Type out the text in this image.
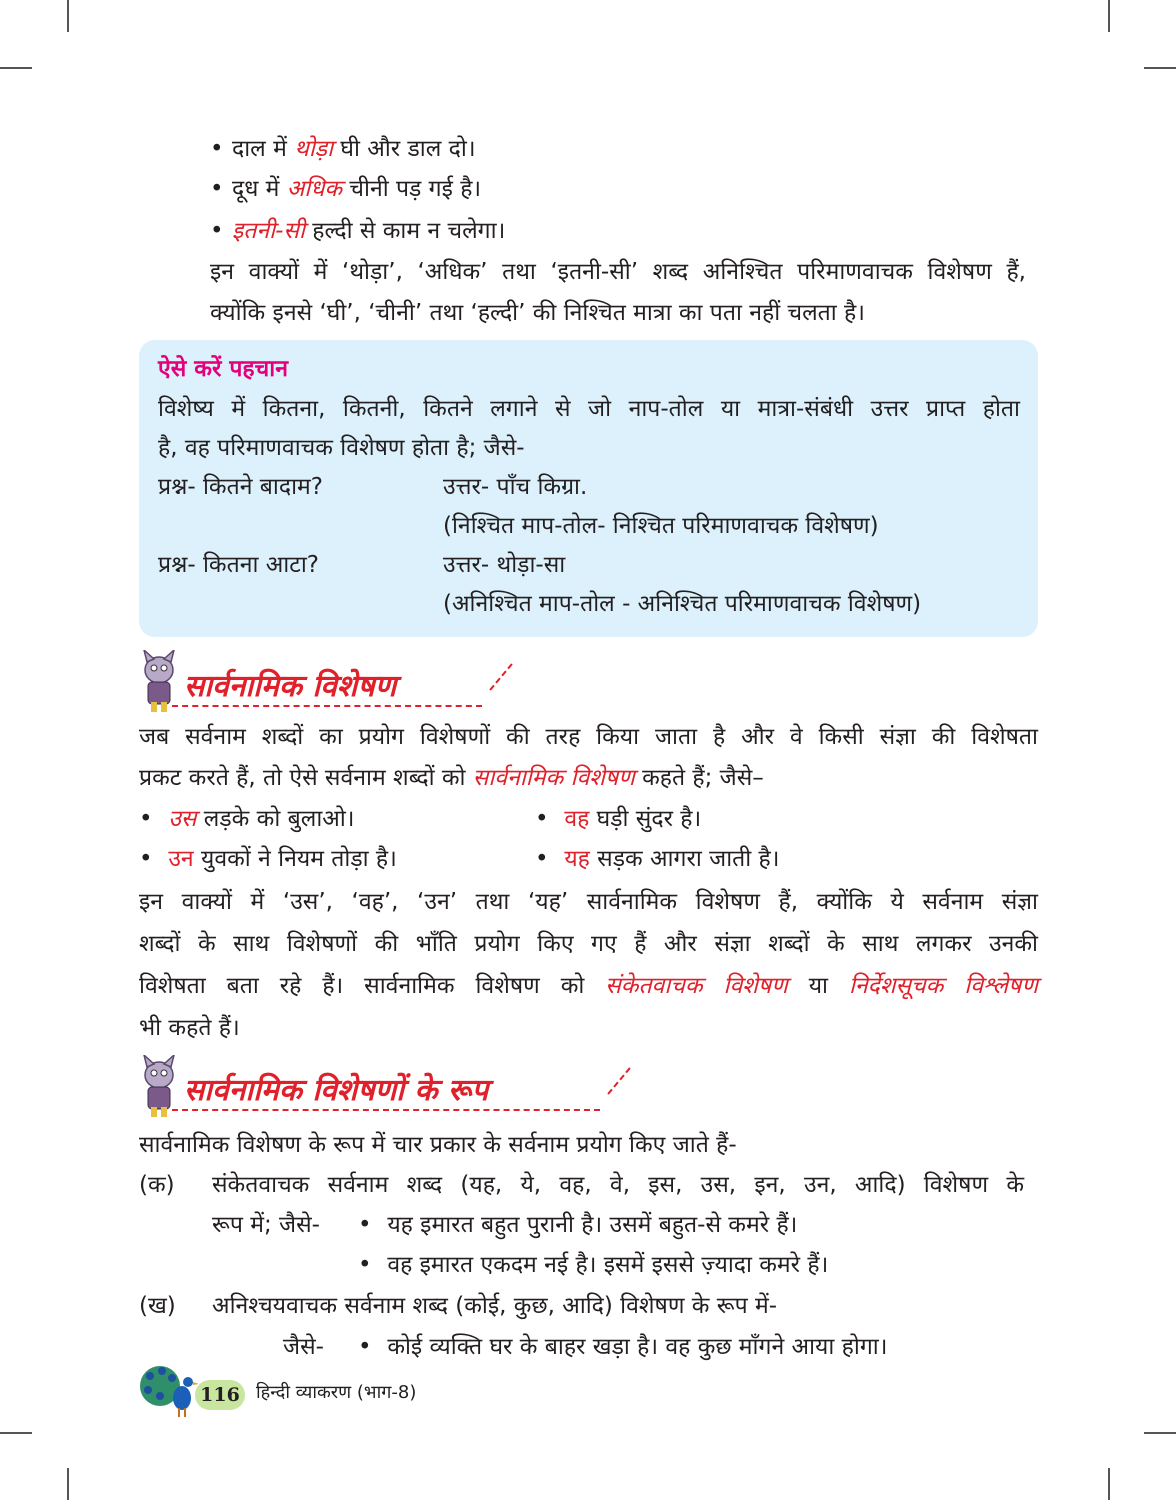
• दाल में थोड़ा घी और डाल दो।
• दूध में अधिक चीनी पड़ गई है।
• इतनी-सी हल्दी से काम न चलेगा।
इन वाक्यों में ‘थोड़ा’, ‘अधिक’ तथा ‘इतनी-सी’ शब्द अनिश्चित परिमाणवाचक विशेषण हैं,
क्योंकि इनसे ‘घी’, ‘चीनी’ तथा ‘हल्दी’ की निश्चित मात्रा का पता नहीं चलता है।
ऐसे करें पहचान
विशेष्य में कितना, कितनी, कितने लगाने से जो नाप-तोल या मात्रा-संबंधी उत्तर प्राप्त होता
है, वह परिमाणवाचक विशेषण होता है; जैसे-
प्रश्न- कितने बादाम?	उत्तर- पाँच किग्रा.
(निश्चित माप-तोल- निश्चित परिमाणवाचक विशेषण)
प्रश्न- कितना आटा?	उत्तर- थोड़ा-सा
(अनिश्चित माप-तोल - अनिश्चित परिमाणवाचक विशेषण)
सार्वनामिक विशेषण
जब सर्वनाम शब्दों का प्रयोग विशेषणों की तरह किया जाता है और वे किसी संज्ञा की विशेषता
प्रकट करते हैं, तो ऐसे सर्वनाम शब्दों को सार्वनामिक विशेषण कहते हैं; जैसे–
• उस लड़के को बुलाओ।	• वह घड़ी सुंदर है।
• उन युवकों ने नियम तोड़ा है।	• यह सड़क आगरा जाती है।
इन वाक्यों में ‘उस’, ‘वह’, ‘उन’ तथा ‘यह’ सार्वनामिक विशेषण हैं, क्योंकि ये सर्वनाम संज्ञा
शब्दों के साथ विशेषणों की भाँति प्रयोग किए गए हैं और संज्ञा शब्दों के साथ लगकर उनकी
विशेषता बता रहे हैं। सार्वनामिक विशेषण को संकेतवाचक विशेषण या निर्देशसूचक विश्लेषण
भी कहते हैं।
सार्वनामिक विशेषणों के रूप
सार्वनामिक विशेषण के रूप में चार प्रकार के सर्वनाम प्रयोग किए जाते हैं-
(क) संकेतवाचक सर्वनाम शब्द (यह, ये, वह, वे, इस, उस, इन, उन, आदि) विशेषण के
रूप में; जैसे- • यह इमारत बहुत पुरानी है। उसमें बहुत-से कमरे हैं।
• वह इमारत एकदम नई है। इसमें इससे ज़्यादा कमरे हैं।
(ख) अनिश्चयवाचक सर्वनाम शब्द (कोई, कुछ, आदि) विशेषण के रूप में-
जैसे- • कोई व्यक्ति घर के बाहर खड़ा है। वह कुछ माँगने आया होगा।
116 हिन्दी व्याकरण (भाग-8)
